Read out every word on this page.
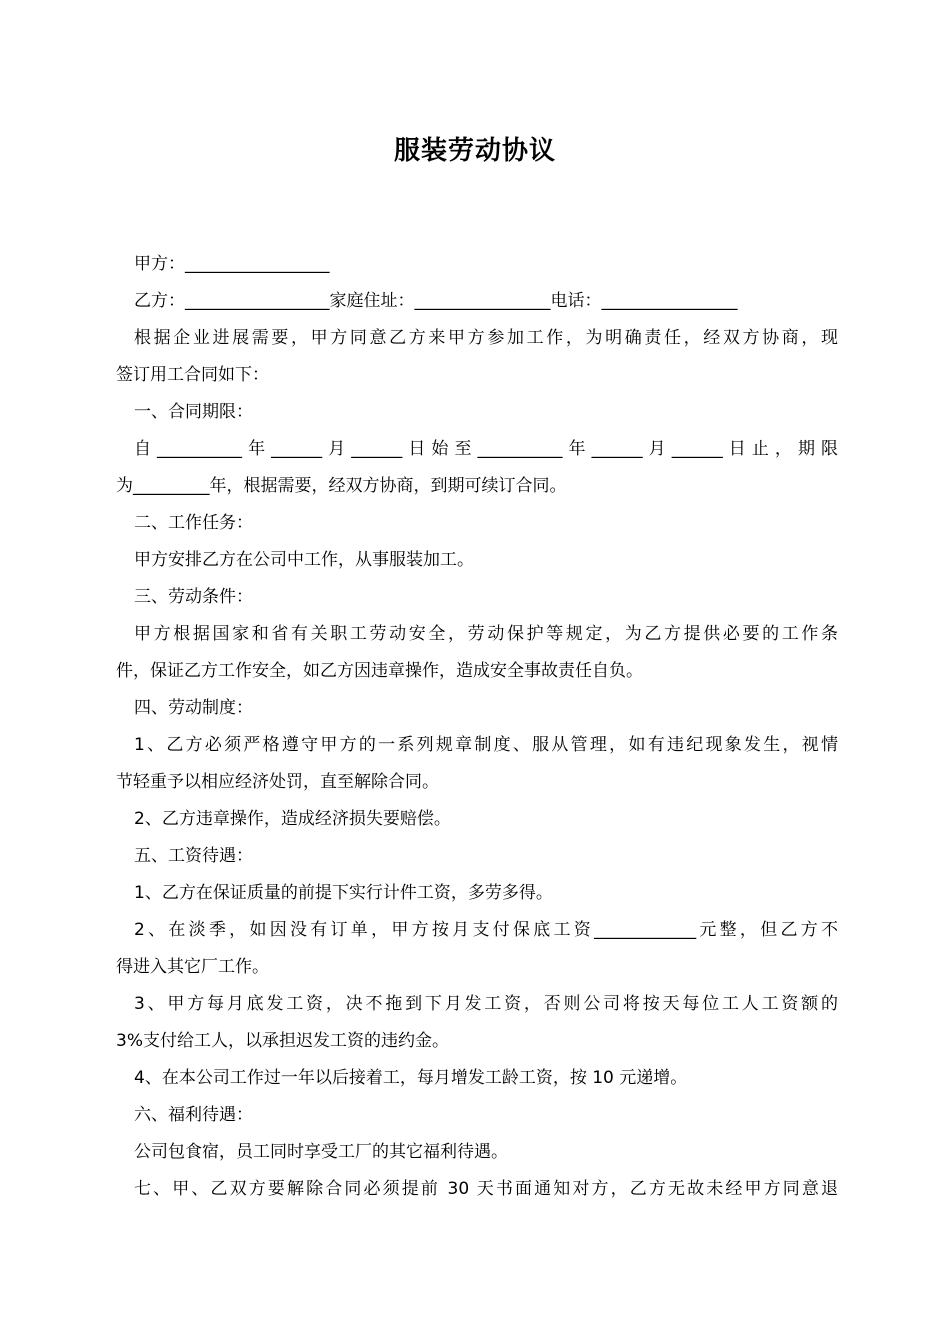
服装劳动协议
甲方：_________________
乙方：_________________家庭住址：________________电话：________________
根据企业进展需要，甲方同意乙方来甲方参加工作，为明确责任，经双方协商，现
签订用工合同如下：
一、合同期限：
自__________年______月______日始至__________年______月______日止，期限
为_________年，根据需要，经双方协商，到期可续订合同。
二、工作任务：
甲方安排乙方在公司中工作，从事服装加工。
三、劳动条件：
甲方根据国家和省有关职工劳动安全，劳动保护等规定，为乙方提供必要的工作条
件，保证乙方工作安全，如乙方因违章操作，造成安全事故责任自负。
四、劳动制度：
1、乙方必须严格遵守甲方的一系列规章制度、服从管理，如有违纪现象发生，视情
节轻重予以相应经济处罚，直至解除合同。
2、乙方违章操作，造成经济损失要赔偿。
五、工资待遇：
1、乙方在保证质量的前提下实行计件工资，多劳多得。
2、在淡季，如因没有订单，甲方按月支付保底工资____________元整，但乙方不
得进入其它厂工作。
3、甲方每月底发工资，决不拖到下月发工资，否则公司将按天每位工人工资额的
3%支付给工人，以承担迟发工资的违约金。
4、在本公司工作过一年以后接着工，每月增发工龄工资，按 10 元递增。
六、福利待遇：
公司包食宿，员工同时享受工厂的其它福利待遇。
七、甲、乙双方要解除合同必须提前 30 天书面通知对方，乙方无故未经甲方同意退
